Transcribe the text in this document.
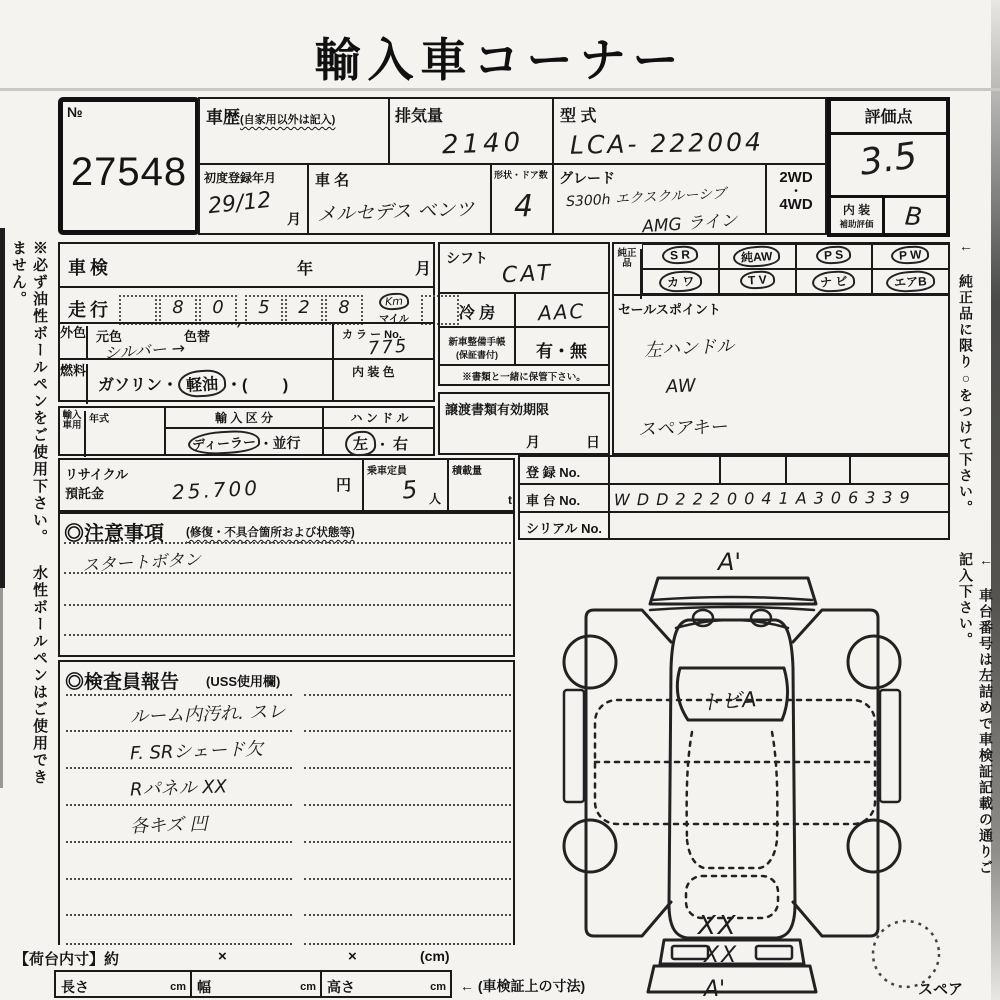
輸入車コーナー
※必ず油性ボールペンをご使用下さい。 水性ボールペンはご使用できません。	← 純正品に限り○をつけて下さい。
← 車台番号は左詰めで車検証記載の通りご記入下さい。
№
27548
車歴(自家用以外は記入)	排気量
2140
型 式
LCA- 222004
初度登録年月
29/12 月
車 名
メルセデス ベンツ
形状・ドア数
4
グレード
S300h エクスクルーシブ
AMG ライン
2WD
・
4WD
評価点
3.5
内 装
補助評価	B
車検	年	月
走行	8	0 , 5	2	8	Km
マイル
外色 元色	色替
シルバー →
カ ラ ー No.
775
燃料
ガソリン・ 軽油 ・(        )
内 装 色
輸入車用
年式	輸 入 区 分
ディーラー ・並行
ハ ン ド ル
左 ・ 右
シフト
CAT
冷 房	AAC
新車整備手帳
(保証書付)	有・無
※書類と一緒に保管下さい。
譲渡書類有効期限
月	日
純正品
S R	純AW	P S	P W
カ ワ	T V	ナ ビ	エアB
セールスポイント
左ハンドル
AW
スペアキー
リサイクル
預託金	25.700	円
乗車定員
5 人
積載量
t
登 録 No.
車 台 No. WDD2220041A306339
シリアル No.
◎注意事項 (修復・不具合箇所および状態等)
スタートボタン
◎検査員報告 (USS使用欄)
ルーム内汚れ. スレ
F. SRシェード欠
Rパネル XX
各キズ 凹
【荷台内寸】約	×	×	(cm)
長さ	cm 幅	cm 高さ	cm ← (車検証上の寸法)
A'
トビA
XX
XX
A'	スペア
